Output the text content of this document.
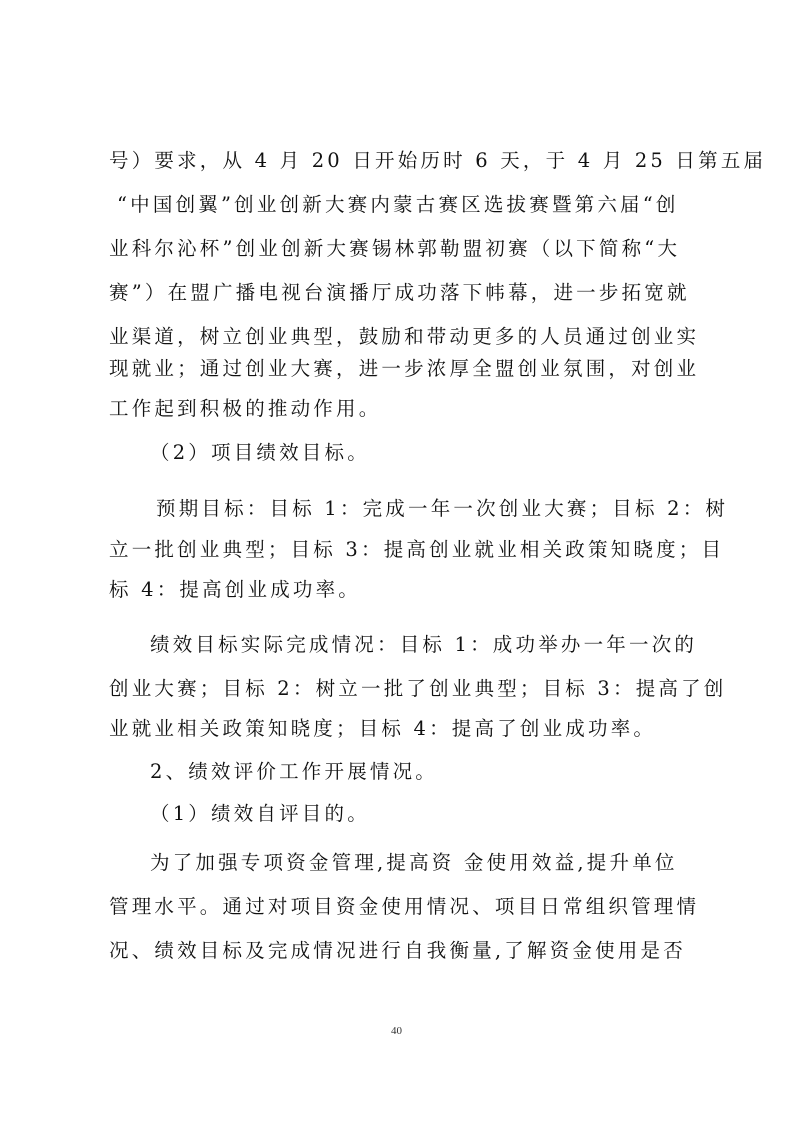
号）要求，从 4 月 20 日开始历时 6 天，于 4 月 25 日第五届
“中国创翼”创业创新大赛内蒙古赛区选拔赛暨第六届“创
业科尔沁杯”创业创新大赛锡林郭勒盟初赛（以下简称“大
赛”）在盟广播电视台演播厅成功落下帏幕，进一步拓宽就
业渠道，树立创业典型，鼓励和带动更多的人员通过创业实
现就业；通过创业大赛，进一步浓厚全盟创业氛围，对创业
工作起到积极的推动作用。
（2）项目绩效目标。
预期目标：目标 1：完成一年一次创业大赛；目标 2：树
立一批创业典型；目标 3：提高创业就业相关政策知晓度；目
标 4：提高创业成功率。
绩效目标实际完成情况：目标 1：成功举办一年一次的
创业大赛；目标 2：树立一批了创业典型；目标 3：提高了创
业就业相关政策知晓度；目标 4：提高了创业成功率。
2、绩效评价工作开展情况。
（1）绩效自评目的。
为了加强专项资金管理,提高资 金使用效益,提升单位
管理水平。通过对项目资金使用情况、项目日常组织管理情
况、绩效目标及完成情况进行自我衡量,了解资金使用是否
40
